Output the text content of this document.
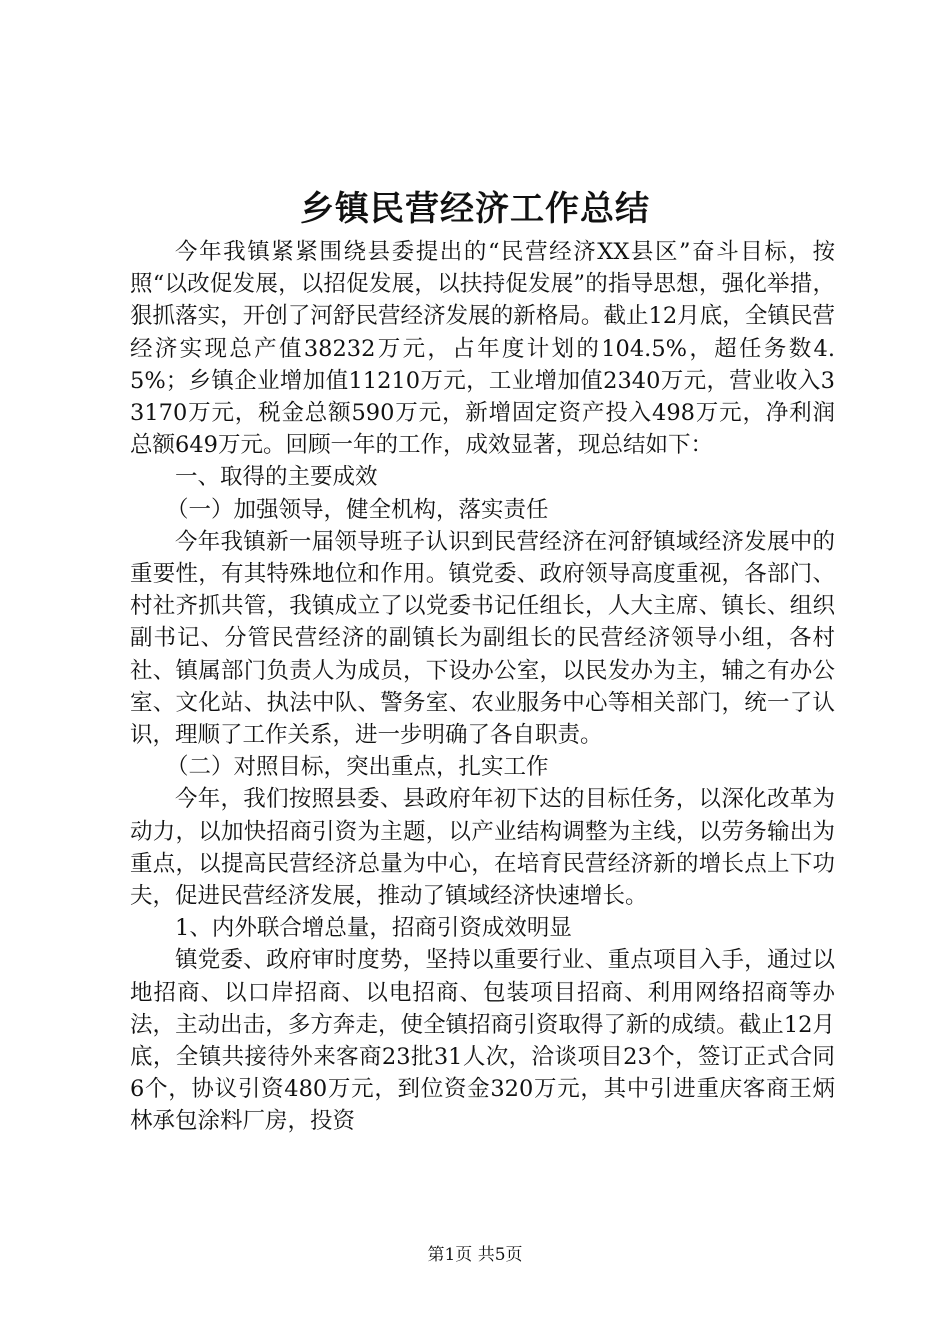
乡镇民营经济工作总结

今年我镇紧紧围绕县委提出的“民营经济XX县区”奋斗目标，按照“以改促发展，以招促发展，以扶持促发展”的指导思想，强化举措，狠抓落实，开创了河舒民营经济发展的新格局。截止12月底，全镇民营经济实现总产值38232万元，占年度计划的104.5%，超任务数4.5%；乡镇企业增加值11210万元，工业增加值2340万元，营业收入33170万元，税金总额590万元，新增固定资产投入498万元，净利润总额649万元。回顾一年的工作，成效显著，现总结如下：

一、取得的主要成效

（一）加强领导，健全机构，落实责任

今年我镇新一届领导班子认识到民营经济在河舒镇域经济发展中的重要性，有其特殊地位和作用。镇党委、政府领导高度重视，各部门、村社齐抓共管，我镇成立了以党委书记任组长，人大主席、镇长、组织副书记、分管民营经济的副镇长为副组长的民营经济领导小组，各村社、镇属部门负责人为成员，下设办公室，以民发办为主，辅之有办公室、文化站、执法中队、警务室、农业服务中心等相关部门，统一了认识，理顺了工作关系，进一步明确了各自职责。

（二）对照目标，突出重点，扎实工作

今年，我们按照县委、县政府年初下达的目标任务，以深化改革为动力，以加快招商引资为主题，以产业结构调整为主线，以劳务输出为重点，以提高民营经济总量为中心，在培育民营经济新的增长点上下功夫，促进民营经济发展，推动了镇域经济快速增长。

1、内外联合增总量，招商引资成效明显

镇党委、政府审时度势，坚持以重要行业、重点项目入手，通过以地招商、以口岸招商、以电招商、包装项目招商、利用网络招商等办法，主动出击，多方奔走，使全镇招商引资取得了新的成绩。截止12月底，全镇共接待外来客商23批31人次，洽谈项目23个，签订正式合同6个，协议引资480万元，到位资金320万元，其中引进重庆客商王炳林承包涂料厂房，投资

第1页 共5页
